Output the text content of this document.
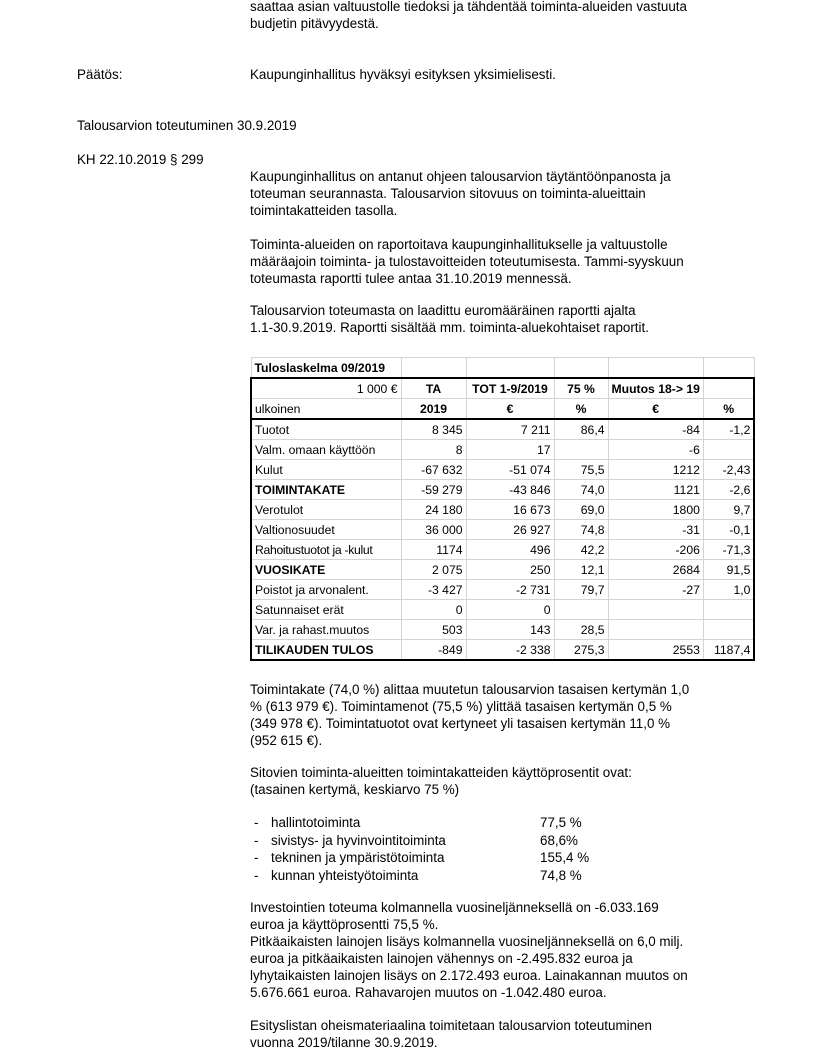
saattaa asian valtuustolle tiedoksi ja tähdentää toiminta-alueiden vastuuta
budjetin pitävyydestä.

Päätös:	Kaupunginhallitus hyväksyi esityksen yksimielisesti.
Talousarvion toteutuminen 30.9.2019
KH 22.10.2019 § 299

Kaupunginhallitus on antanut ohjeen talousarvion täytäntöönpanosta ja
toteuman seurannasta. Talousarvion sitovuus on toiminta-alueittain
toimintakatteiden tasolla.

Toiminta-alueiden on raportoitava kaupunginhallitukselle ja valtuustolle
määräajoin toiminta- ja tulostavoitteiden toteutumisesta. Tammi-syyskuun
toteumasta raportti tulee antaa 31.10.2019 mennessä.

Talousarvion toteumasta on laadittu euromääräinen raportti ajalta
1.1-30.9.2019. Raportti sisältää mm. toiminta-aluekohtaiset raportit.

Tuloslaskelma 09/2019					
1 000 €	TA	TOT 1-9/2019	75 %	Muutos 18-> 19	
ulkoinen	2019	€	%	€	%
Tuotot	8 345	7 211	86,4	-84	-1,2
Valm. omaan käyttöön	8	17		-6	
Kulut	-67 632	-51 074	75,5	1212	-2,43
TOIMINTAKATE	-59 279	-43 846	74,0	1121	-2,6
Verotulot	24 180	16 673	69,0	1800	9,7
Valtionosuudet	36 000	26 927	74,8	-31	-0,1
Rahoitustuotot ja -kulut	1174	496	42,2	-206	-71,3
VUOSIKATE	2 075	250	12,1	2684	91,5
Poistot ja arvonalent.	-3 427	-2 731	79,7	-27	1,0
Satunnaiset erät	0	0			
Var. ja rahast.muutos	503	143	28,5		
TILIKAUDEN TULOS	-849	-2 338	275,3	2553	1187,4

Toimintakate (74,0 %) alittaa muutetun talousarvion tasaisen kertymän 1,0
% (613 979 €). Toimintamenot (75,5 %) ylittää tasaisen kertymän 0,5 %
(349 978 €). Toimintatuotot ovat kertyneet yli tasaisen kertymän 11,0 %
(952 615 €).

Sitovien toiminta-alueitten toimintakatteiden käyttöprosentit ovat:
(tasainen kertymä, keskiarvo 75 %)

- hallintotoiminta	77,5 %
- sivistys- ja hyvinvointitoiminta	68,6%
- tekninen ja ympäristötoiminta	155,4 %
- kunnan yhteistyötoiminta	74,8 %

Investointien toteuma kolmannella vuosineljänneksellä on -6.033.169
euroa ja käyttöprosentti 75,5 %.
Pitkäaikaisten lainojen lisäys kolmannella vuosineljänneksellä on 6,0 milj.
euroa ja pitkäaikaisten lainojen vähennys on -2.495.832 euroa ja
lyhytaikaisten lainojen lisäys on 2.172.493 euroa. Lainakannan muutos on
5.676.661 euroa. Rahavarojen muutos on -1.042.480 euroa.

Esityslistan oheismateriaalina toimitetaan talousarvion toteutuminen
vuonna 2019/tilanne 30.9.2019.
